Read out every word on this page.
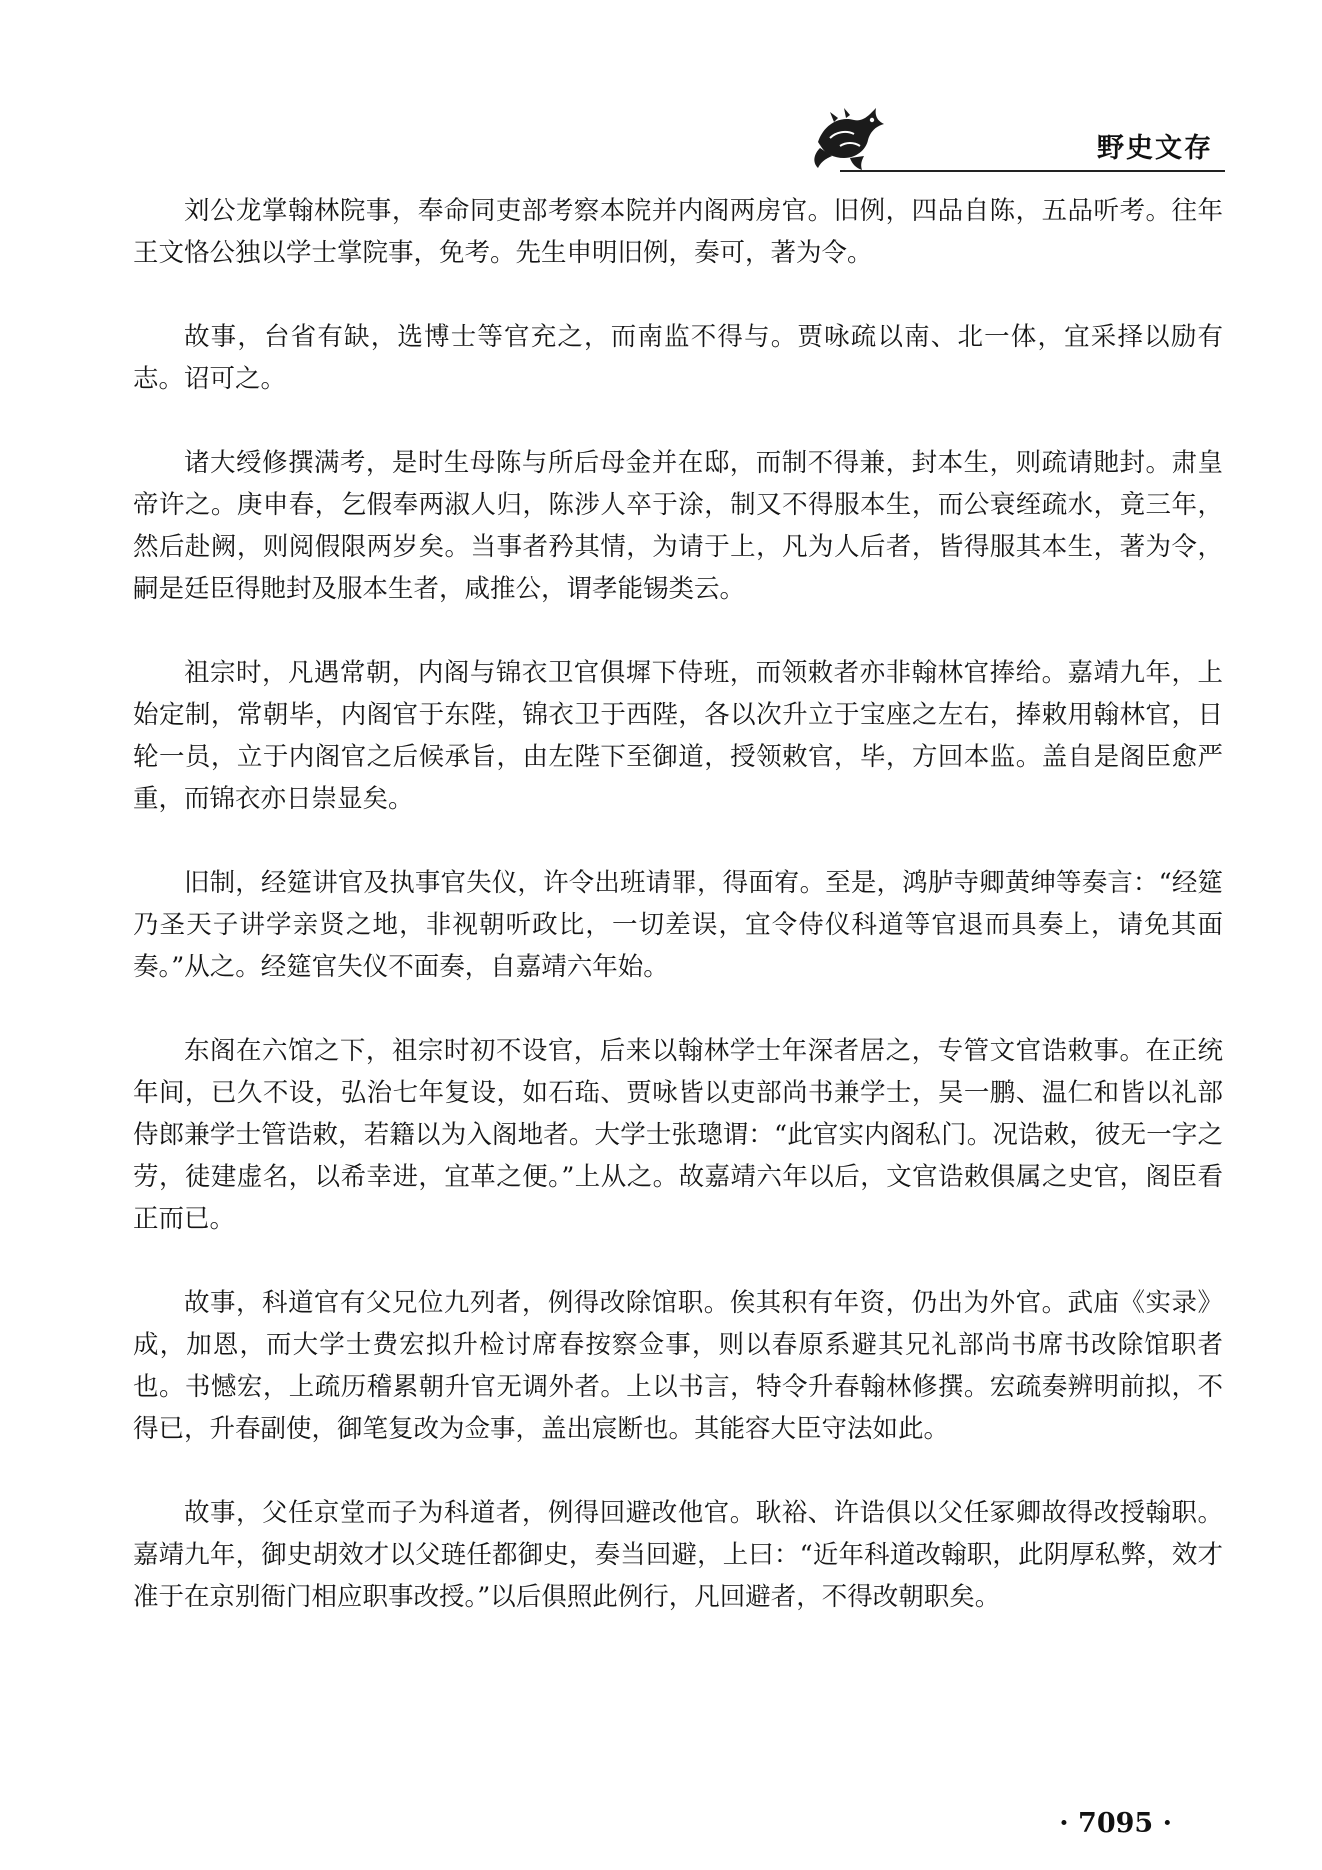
野史文存

刘公龙掌翰林院事，奉命同吏部考察本院并内阁两房官。旧例，四品自陈，五品听考。往年王文恪公独以学士掌院事，免考。先生申明旧例，奏可，著为令。

故事，台省有缺，选博士等官充之，而南监不得与。贾咏疏以南、北一体，宜采择以励有志。诏可之。

诸大绶修撰满考，是时生母陈与所后母金并在邸，而制不得兼，封本生，则疏请貤封。肃皇帝许之。庚申春，乞假奉两淑人归，陈涉人卒于涂，制又不得服本生，而公衰绖疏水，竟三年，然后赴阙，则阅假限两岁矣。当事者矜其情，为请于上，凡为人后者，皆得服其本生，著为令，嗣是廷臣得貤封及服本生者，咸推公，谓孝能锡类云。

祖宗时，凡遇常朝，内阁与锦衣卫官俱墀下侍班，而领敕者亦非翰林官捧给。嘉靖九年，上始定制，常朝毕，内阁官于东陛，锦衣卫于西陛，各以次升立于宝座之左右，捧敕用翰林官，日轮一员，立于内阁官之后候承旨，由左陛下至御道，授领敕官，毕，方回本监。盖自是阁臣愈严重，而锦衣亦日崇显矣。

旧制，经筵讲官及执事官失仪，许令出班请罪，得面宥。至是，鸿胪寺卿黄绅等奏言：“经筵乃圣天子讲学亲贤之地，非视朝听政比，一切差误，宜令侍仪科道等官退而具奏上，请免其面奏。”从之。经筵官失仪不面奏，自嘉靖六年始。

东阁在六馆之下，祖宗时初不设官，后来以翰林学士年深者居之，专管文官诰敕事。在正统年间，已久不设，弘治七年复设，如石珤、贾咏皆以吏部尚书兼学士，吴一鹏、温仁和皆以礼部侍郎兼学士管诰敕，若籍以为入阁地者。大学士张璁谓：“此官实内阁私门。况诰敕，彼无一字之劳，徒建虚名，以希幸进，宜革之便。”上从之。故嘉靖六年以后，文官诰敕俱属之史官，阁臣看正而已。

故事，科道官有父兄位九列者，例得改除馆职。俟其积有年资，仍出为外官。武庙《实录》成，加恩，而大学士费宏拟升检讨席春按察佥事，则以春原系避其兄礼部尚书席书改除馆职者也。书憾宏，上疏历稽累朝升官无调外者。上以书言，特令升春翰林修撰。宏疏奏辨明前拟，不得已，升春副使，御笔复改为佥事，盖出宸断也。其能容大臣守法如此。

故事，父任京堂而子为科道者，例得回避改他官。耿裕、许诰俱以父任冢卿故得改授翰职。嘉靖九年，御史胡效才以父琏任都御史，奏当回避，上曰：“近年科道改翰职，此阴厚私弊，效才准于在京别衙门相应职事改授。”以后俱照此例行，凡回避者，不得改朝职矣。

· 7095 ·
